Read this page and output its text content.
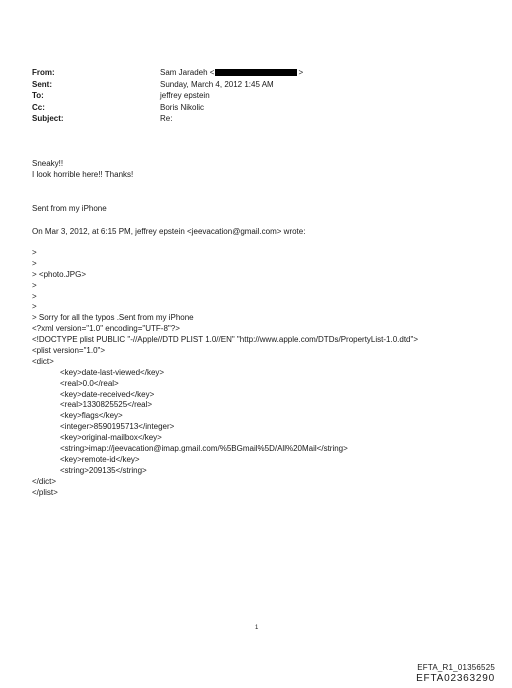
From:	Sam Jaradeh <	>
Sent:	Sunday, March 4, 2012 1:45 AM
To:	jeffrey epstein
Cc:	Boris Nikolic
Subject:	Re:
Sneaky!!
I look horrible here!! Thanks!
Sent from my iPhone
On Mar 3, 2012, at 6:15 PM, jeffrey epstein <jeevacation@gmail.com> wrote:
>
>
> <photo.JPG>
>
>
>
> Sorry for all the typos .Sent from my iPhone
<?xml version="1.0" encoding="UTF-8"?>
<!DOCTYPE plist PUBLIC "-//Apple//DTD PLIST 1.0//EN" "http://www.apple.com/DTDs/PropertyList-1.0.dtd">
<plist version="1.0">
<dict>
<key>date-last-viewed</key>
<real>0.0</real>
<key>date-received</key>
<real>1330825525</real>
<key>flags</key>
<integer>8590195713</integer>
<key>original-mailbox</key>
<string>imap://jeevacation@imap.gmail.com/%5BGmail%5D/All%20Mail</string>
<key>remote-id</key>
<string>209135</string>
</dict>
</plist>
1
EFTA_R1_01356525
EFTA02363290
